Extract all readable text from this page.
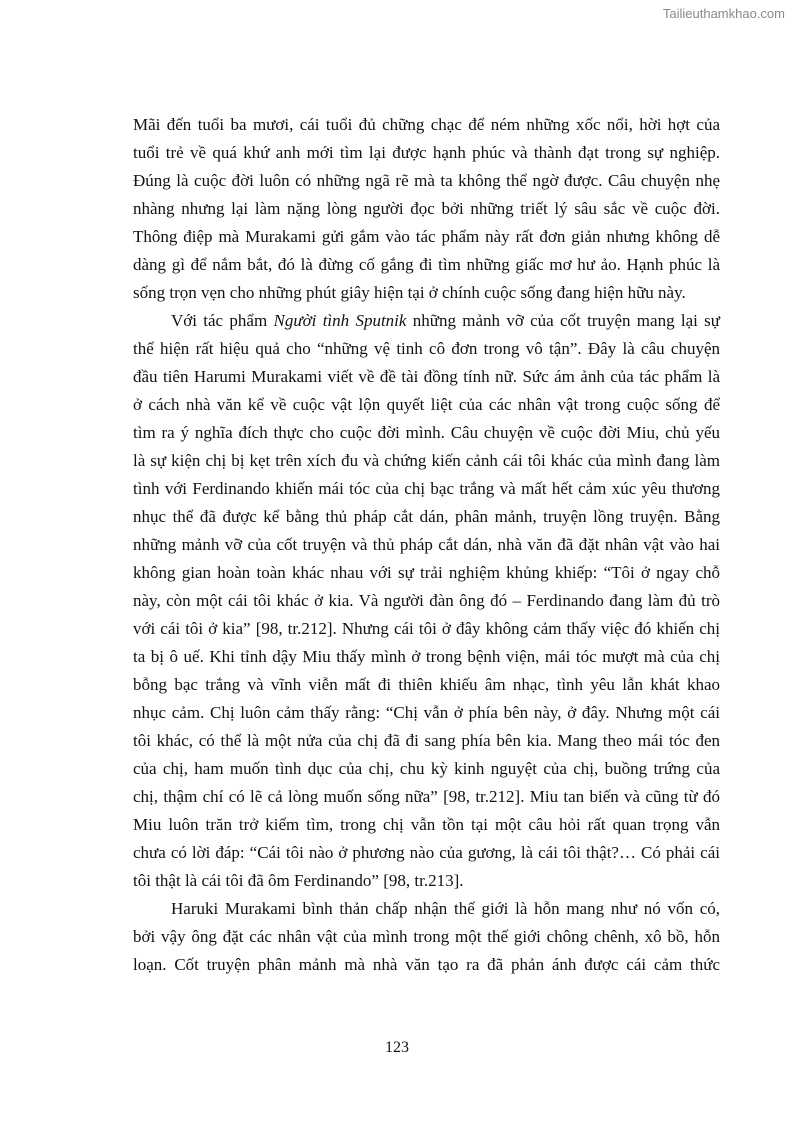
Tailieuthamkhao.com
Mãi đến tuổi ba mươi, cái tuổi đủ chững chạc để ném những xốc nổi, hời hợt của
tuổi trẻ về quá khứ anh mới tìm lại được hạnh phúc và thành đạt trong sự nghiệp.
Đúng là cuộc đời luôn có những ngã rẽ mà ta không thể ngờ được. Câu chuyện nhẹ
nhàng nhưng lại làm nặng lòng người đọc bởi những triết lý sâu sắc về cuộc đời.
Thông điệp mà Murakami gửi gắm vào tác phẩm này rất đơn giản nhưng không dễ
dàng gì để nắm bắt, đó là đừng cố gắng đi tìm những giấc mơ hư ảo. Hạnh phúc là
sống trọn vẹn cho những phút giây hiện tại ở chính cuộc sống đang hiện hữu này.
Với tác phẩm Người tình Sputnik những mảnh vỡ của cốt truyện mang lại sự
thể hiện rất hiệu quả cho “những vệ tinh cô đơn trong vô tận”. Đây là câu chuyện
đầu tiên Harumi Murakami viết về đề tài đồng tính nữ. Sức ám ảnh của tác phẩm là
ở cách nhà văn kể về cuộc vật lộn quyết liệt của các nhân vật trong cuộc sống để
tìm ra ý nghĩa đích thực cho cuộc đời mình. Câu chuyện về cuộc đời Miu, chủ yếu
là sự kiện chị bị kẹt trên xích đu và chứng kiến cảnh cái tôi khác của mình đang làm
tình với Ferdinando khiến mái tóc của chị bạc trắng và mất hết cảm xúc yêu thương
nhục thể đã được kể bằng thủ pháp cắt dán, phân mảnh, truyện lồng truyện. Bằng
những mảnh vỡ của cốt truyện và thủ pháp cắt dán, nhà văn đã đặt nhân vật vào hai
không gian hoàn toàn khác nhau với sự trải nghiệm khủng khiếp: “Tôi ở ngay chỗ
này, còn một cái tôi khác ở kia. Và người đàn ông đó – Ferdinando đang làm đủ trò
với cái tôi ở kia” [98, tr.212]. Nhưng cái tôi ở đây không cảm thấy việc đó khiến chị
ta bị ô uế. Khi tỉnh dậy Miu thấy mình ở trong bệnh viện, mái tóc mượt mà của chị
bỗng bạc trắng và vĩnh viễn mất đi thiên khiếu âm nhạc, tình yêu lẫn khát khao
nhục cảm. Chị luôn cảm thấy rằng: “Chị vẫn ở phía bên này, ở đây. Nhưng một cái
tôi khác, có thể là một nửa của chị đã đi sang phía bên kia. Mang theo mái tóc đen
của chị, ham muốn tình dục của chị, chu kỳ kinh nguyệt của chị, buồng trứng của
chị, thậm chí có lẽ cả lòng muốn sống nữa” [98, tr.212]. Miu tan biến và cũng từ đó
Miu luôn trăn trở kiếm tìm, trong chị vẫn tồn tại một câu hỏi rất quan trọng vẫn
chưa có lời đáp: “Cái tôi nào ở phương nào của gương, là cái tôi thật?… Có phải cái
tôi thật là cái tôi đã ôm Ferdinando” [98, tr.213].
Haruki Murakami bình thản chấp nhận thế giới là hỗn mang như nó vốn có,
bởi vậy ông đặt các nhân vật của mình trong một thế giới chông chênh, xô bồ, hỗn
loạn. Cốt truyện phân mảnh mà nhà văn tạo ra đã phản ánh được cái cảm thức
123
